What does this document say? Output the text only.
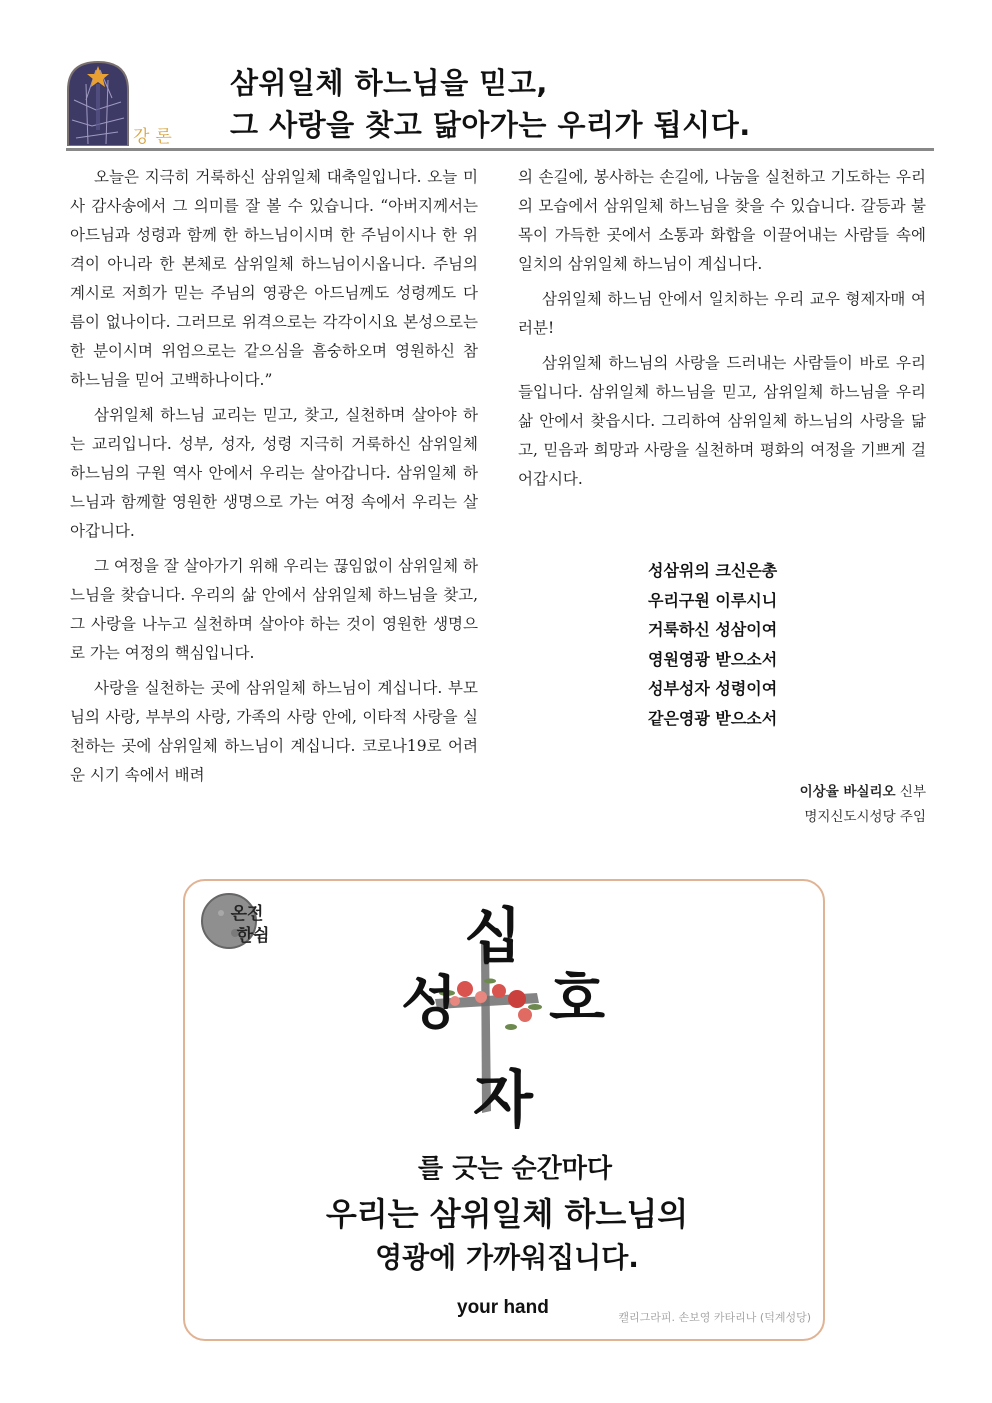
강론
삼위일체 하느님을 믿고,
그 사랑을 찾고 닮아가는 우리가 됩시다.

오늘은 지극히 거룩하신 삼위일체 대축일입니다. 오늘 미사 감사송에서 그 의미를 잘 볼 수 있습니다. “아버지께서는 아드님과 성령과 함께 한 하느님이시며 한 주님이시나 한 위격이 아니라 한 본체로 삼위일체 하느님이시옵니다. 주님의 계시로 저희가 믿는 주님의 영광은 아드님께도 성령께도 다름이 없나이다. 그러므로 위격으로는 각각이시요 본성으로는 한 분이시며 위엄으로는 같으심을 흠숭하오며 영원하신 참 하느님을 믿어 고백하나이다.”

삼위일체 하느님 교리는 믿고, 찾고, 실천하며 살아야 하는 교리입니다. 성부, 성자, 성령 지극히 거룩하신 삼위일체 하느님의 구원 역사 안에서 우리는 살아갑니다. 삼위일체 하느님과 함께할 영원한 생명으로 가는 여정 속에서 우리는 살아갑니다.

그 여정을 잘 살아가기 위해 우리는 끊임없이 삼위일체 하느님을 찾습니다. 우리의 삶 안에서 삼위일체 하느님을 찾고, 그 사랑을 나누고 실천하며 살아야 하는 것이 영원한 생명으로 가는 여정의 핵심입니다.

사랑을 실천하는 곳에 삼위일체 하느님이 계십니다. 부모님의 사랑, 부부의 사랑, 가족의 사랑 안에, 이타적 사랑을 실천하는 곳에 삼위일체 하느님이 계십니다. 코로나19로 어려운 시기 속에서 배려

의 손길에, 봉사하는 손길에, 나눔을 실천하고 기도하는 우리의 모습에서 삼위일체 하느님을 찾을 수 있습니다. 갈등과 불목이 가득한 곳에서 소통과 화합을 이끌어내는 사람들 속에 일치의 삼위일체 하느님이 계십니다.

삼위일체 하느님 안에서 일치하는 우리 교우 형제자매 여러분!

삼위일체 하느님의 사랑을 드러내는 사람들이 바로 우리들입니다. 삼위일체 하느님을 믿고, 삼위일체 하느님을 우리 삶 안에서 찾읍시다. 그리하여 삼위일체 하느님의 사랑을 닮고, 믿음과 희망과 사랑을 실천하며 평화의 여정을 기쁘게 걸어갑시다.

성삼위의 크신은총
우리구원 이루시니
거룩하신 성삼이여
영원영광 받으소서
성부성자 성령이여
같은영광 받으소서
이상율 바실리오 신부
명지신도시성당 주임
온전
한쉼	십
성 호
자
를 긋는 순간마다
우리는 삼위일체 하느님의
영광에 가까워집니다.
your hand	캘리그라피. 손보영 카타리나 (덕계성당)
